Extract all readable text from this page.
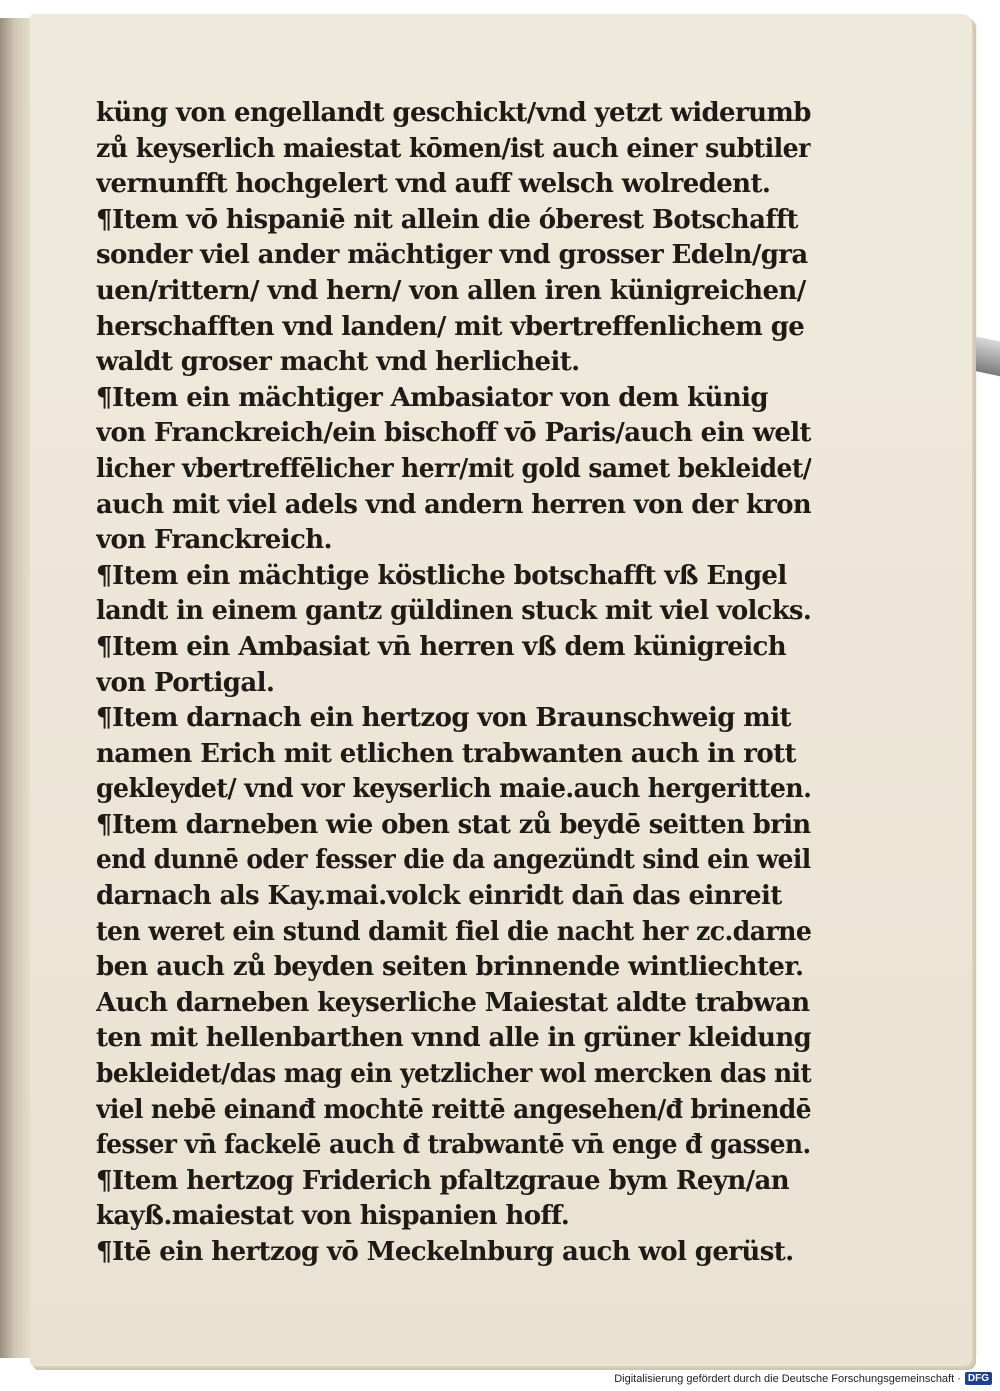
küng von engellandt geschickt/vnd yetzt widerumb
zů keyserlich maiestat kōmen/ist auch einer subtiler
vernunfft hochgelert vnd auff welsch wolredent.
¶Item vō hispaniē nit allein die óberest Botschafft
sonder viel ander mächtiger vnd grosser Edeln/gra
uen/rittern/ vnd hern/ von allen iren künigreichen/
herschafften vnd landen/ mit vbertreffenlichem ge
waldt groser macht vnd herlicheit.
¶Item ein mächtiger Ambasiator von dem künig
von Franckreich/ein bischoff vō Paris/auch ein welt
licher vbertreffēlicher herr/mit gold samet bekleidet/
auch mit viel adels vnd andern herren von der kron
von Franckreich.
¶Item ein mächtige köstliche botschafft vß Engel
landt in einem gantz güldinen stuck mit viel volcks.
¶Item ein Ambasiat vn̄ herren vß dem künigreich
von Portigal.
¶Item darnach ein hertzog von Braunschweig mit
namen Erich mit etlichen trabwanten auch in rott
gekleydet/ vnd vor keyserlich maie.auch hergeritten.
¶Item darneben wie oben stat zů beydē seitten brin
end dunnē oder fesser die da angezündt sind ein weil
darnach als Kay.mai.volck einridt dan̄ das einreit
ten weret ein stund damit fiel die nacht her zc.darne
ben auch zů beyden seiten brinnende wintliechter.
Auch darneben keyserliche Maiestat aldte trabwan
ten mit hellenbarthen vnnd alle in grüner kleidung
bekleidet/das mag ein yetzlicher wol mercken das nit
viel nebē einanđ mochtē reittē angesehen/đ brinendē
fesser vn̄ fackelē auch đ trabwantē vn̄ enge đ gassen.
¶Item hertzog Friderich pfaltzgraue bym Reyn/an
kayß.maiestat von hispanien hoff.
¶Itē ein hertzog vō Meckelnburg auch wol gerüst.
Digitalisierung gefördert durch die Deutsche Forschungsgemeinschaft · DFG
